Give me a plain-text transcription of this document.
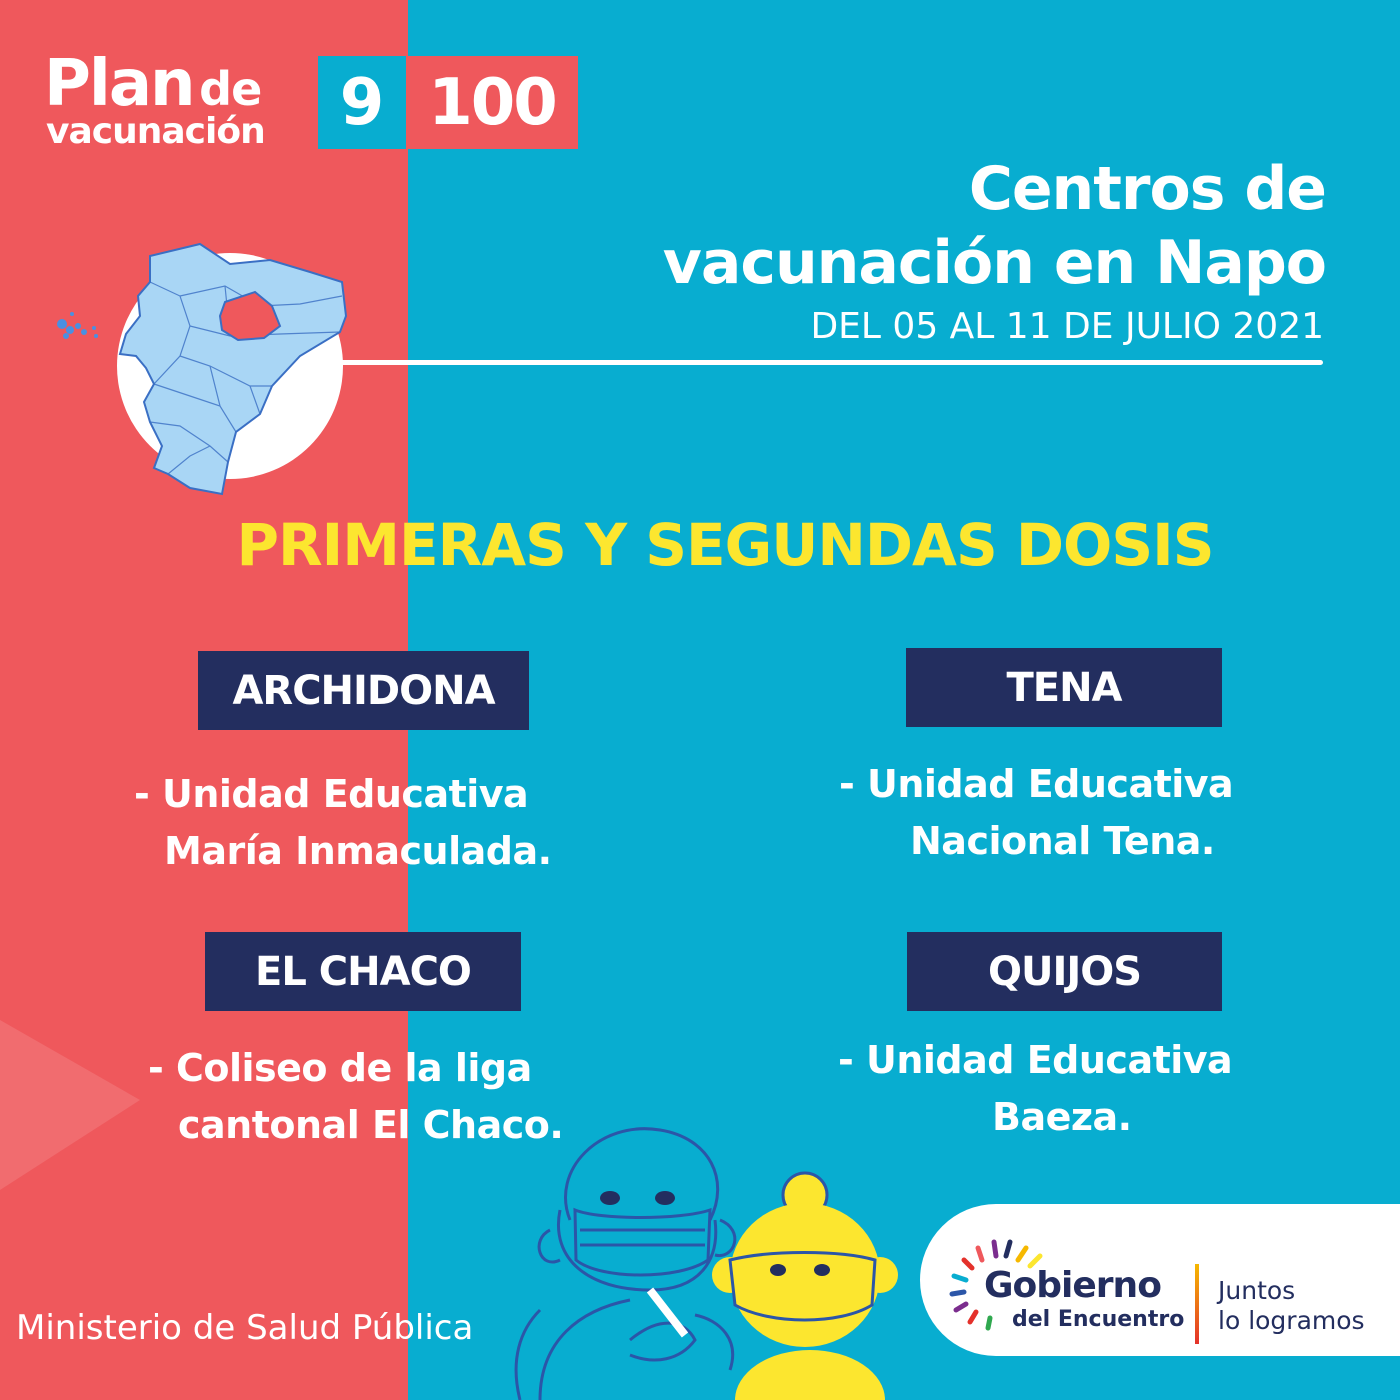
Plan de
vacunación	9 100
Centros de
vacunación en Napo
DEL 05 AL 11 DE JULIO 2021
PRIMERAS Y SEGUNDAS DOSIS
ARCHIDONA
- Unidad Educativa
María Inmaculada.
TENA
- Unidad Educativa
Nacional Tena.
EL CHACO
- Coliseo de la liga
cantonal El Chaco.
QUIJOS
- Unidad Educativa
Baeza.
Ministerio de Salud Pública
Gobierno
del Encuentro
Juntos
lo logramos
